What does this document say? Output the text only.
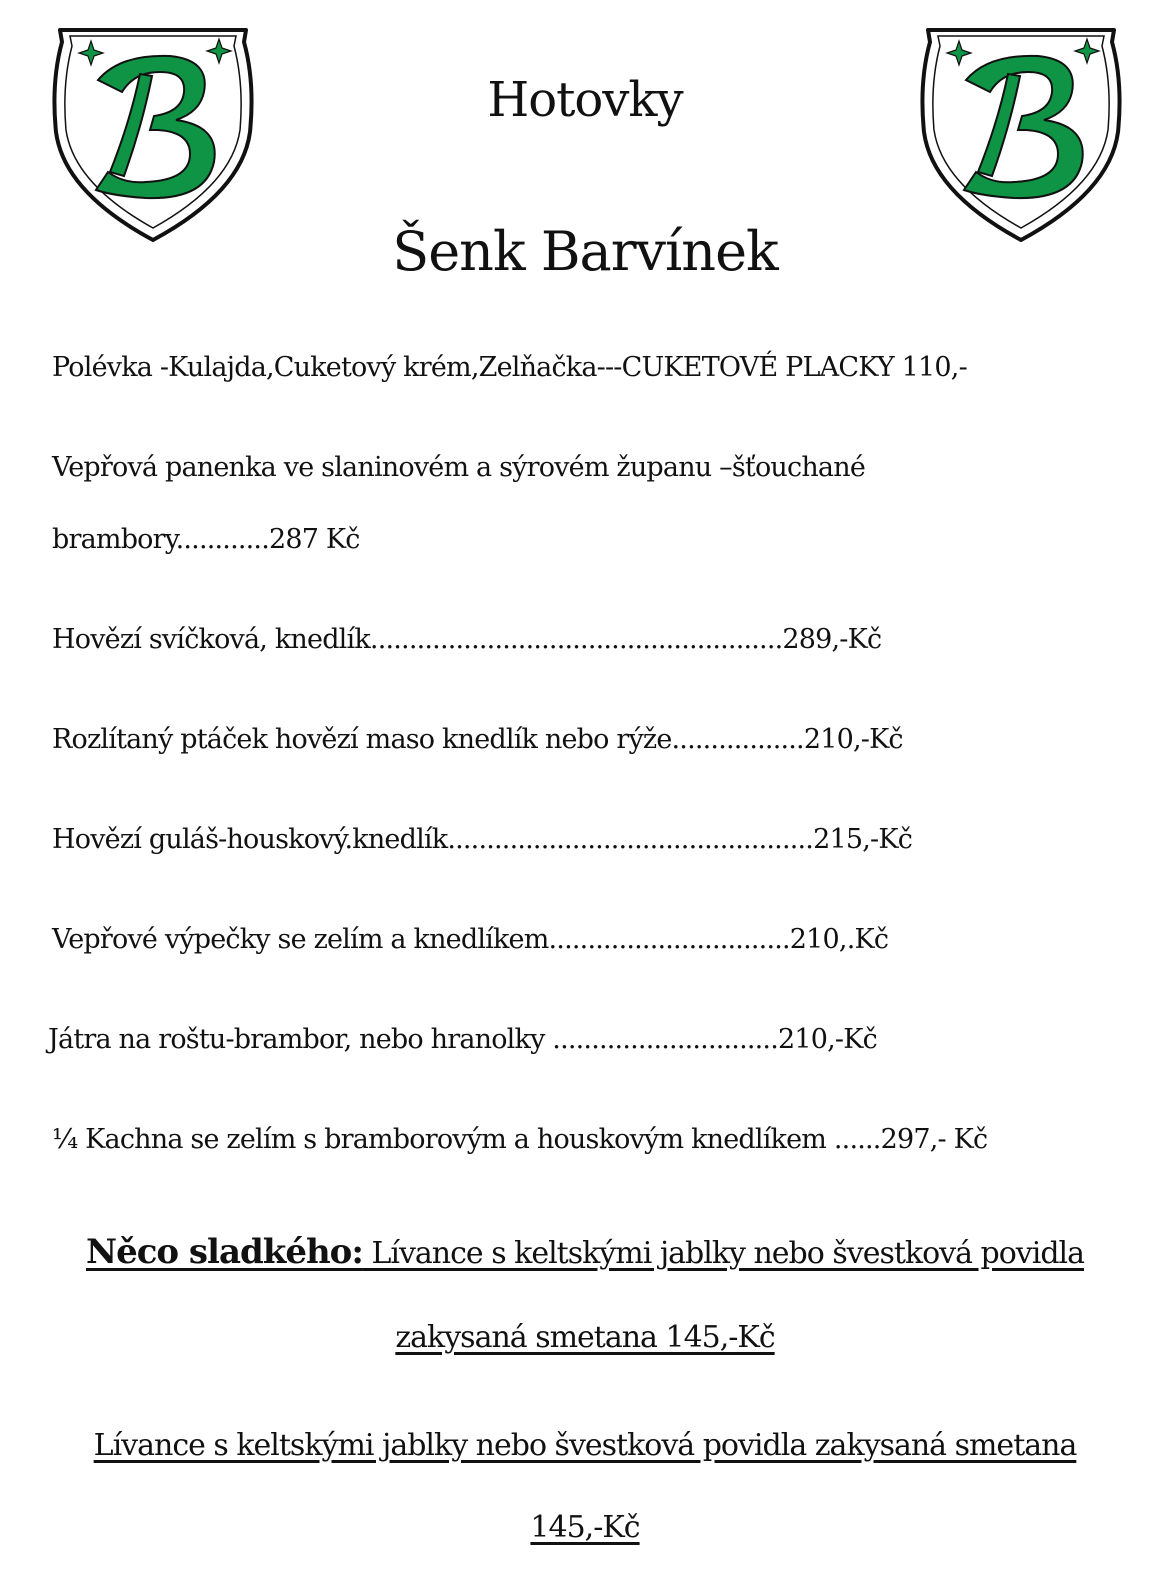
Hotovky
Šenk Barvínek

Polévka -Kulajda,Cuketový krém,Zelňačka---CUKETOVÉ PLACKY 110,-

Vepřová panenka ve slaninovém a sýrovém županu –šťouchané

brambory............287 Kč

Hovězí svíčková, knedlík.....................................................289,-Kč

Rozlítaný ptáček hovězí maso knedlík nebo rýže.................210,-Kč

Hovězí guláš-houskový.knedlík...............................................215,-Kč

Vepřové výpečky se zelím a knedlíkem...............................210,.Kč

Játra na roštu-brambor, nebo hranolky .............................210,-Kč

¼ Kachna se zelím s bramborovým a houskovým knedlíkem ......297,- Kč

Něco sladkého: Lívance s keltskými jablky nebo švestková povidla

zakysaná smetana 145,-Kč

Lívance s keltskými jablky nebo švestková povidla zakysaná smetana

145,-Kč
